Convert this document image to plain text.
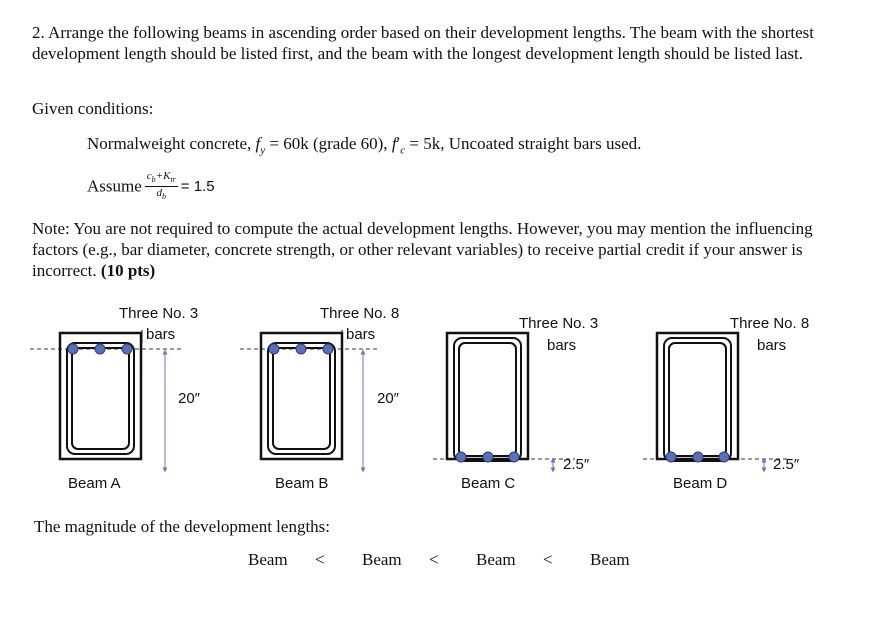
2. Arrange the following beams in ascending order based on their development lengths. The beam with the shortest development length should be listed first, and the beam with the longest development length should be listed last.
Given conditions:
Normalweight concrete, $f_y = 60k$ (grade 60), $f'_c = 5k$, Uncoated straight bars used.
Assume $\frac{c_b+K_{tr}}{d_b} = 1.5$
Note: You are not required to compute the actual development lengths. However, you may mention the influencing factors (e.g., bar diameter, concrete strength, or other relevant variables) to receive partial credit if your answer is incorrect. (10 pts)
Three No. 3
bars
20″
Beam A
Three No. 8
bars
20″
Beam B
Three No. 3
bars
2.5″
Beam C
Three No. 8
bars
2.5″
Beam D
The magnitude of the development lengths:
Beam < Beam < Beam < Beam
